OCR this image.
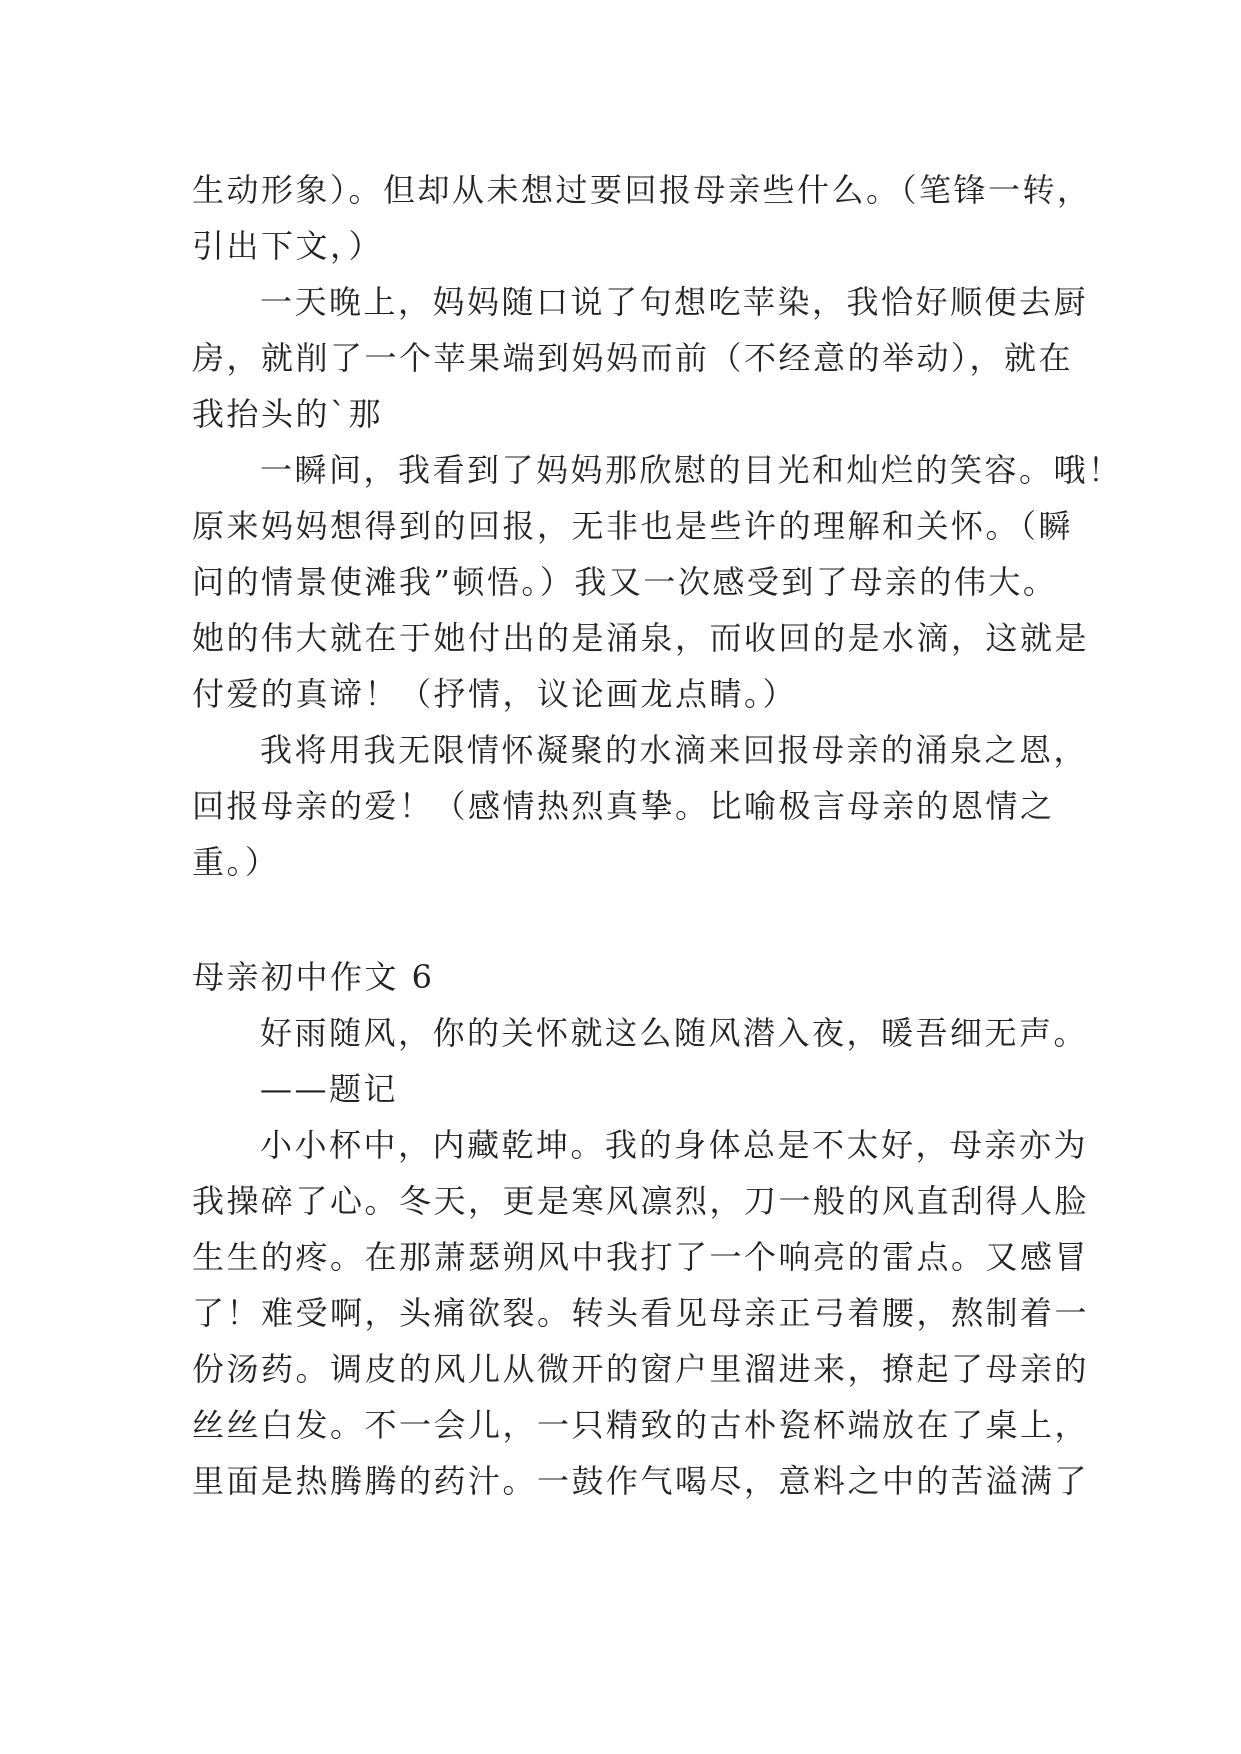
生动形象）。但却从未想过要回报母亲些什么。（笔锋一转，
引出下文，）
一天晚上，妈妈随口说了句想吃苹染，我恰好顺便去厨
房，就削了一个苹果端到妈妈而前（不经意的举动），就在
我抬头的`那
一瞬间，我看到了妈妈那欣慰的目光和灿烂的笑容。哦！
原来妈妈想得到的回报，无非也是些许的理解和关怀。（瞬
问的情景使滩我”顿悟。）我又一次感受到了母亲的伟大。
她的伟大就在于她付出的是涌泉，而收回的是水滴，这就是
付爱的真谛！（抒情，议论画龙点睛。）
我将用我无限情怀凝聚的水滴来回报母亲的涌泉之恩，
回报母亲的爱！（感情热烈真挚。比喻极言母亲的恩情之
重。）
母亲初中作文 6
好雨随风，你的关怀就这么随风潜入夜，暖吾细无声。
——题记
小小杯中，内藏乾坤。我的身体总是不太好，母亲亦为
我操碎了心。冬天，更是寒风凛烈，刀一般的风直刮得人脸
生生的疼。在那萧瑟朔风中我打了一个响亮的雷点。又感冒
了！难受啊，头痛欲裂。转头看见母亲正弓着腰，熬制着一
份汤药。调皮的风儿从微开的窗户里溜进来，撩起了母亲的
丝丝白发。不一会儿，一只精致的古朴瓷杯端放在了桌上，
里面是热腾腾的药汁。一鼓作气喝尽，意料之中的苦溢满了
